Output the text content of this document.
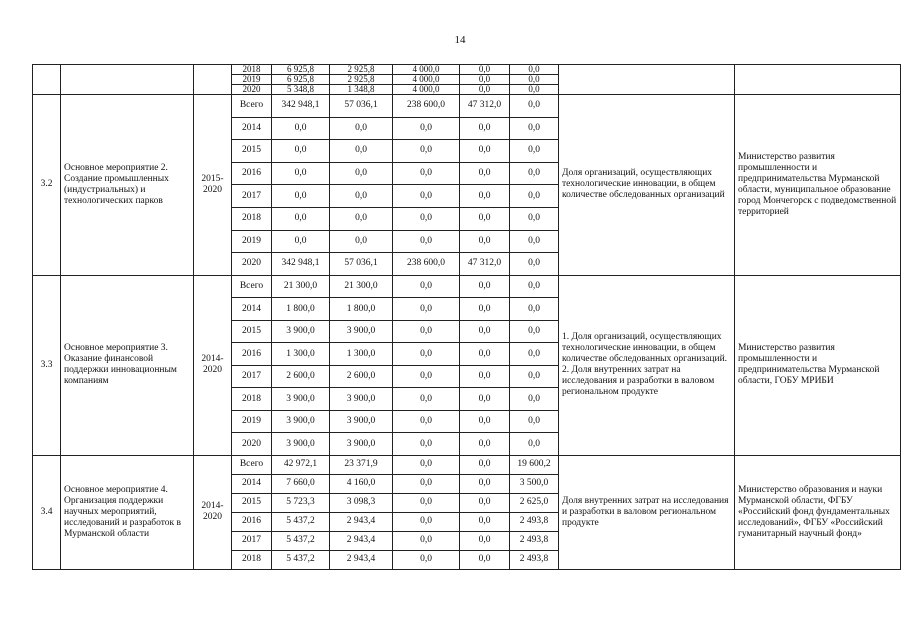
14
			2018	6 925,8	2 925,8	4 000,0	0,0	0,0		
			2019	6 925,8	2 925,8	4 000,0	0,0	0,0		
			2020	5 348,8	1 348,8	4 000,0	0,0	0,0		
3.2	Основное мероприятие 2. Создание промышленных (индустриальных) и технологических парков	2015-2020	Всего	342 948,1	57 036,1	238 600,0	47 312,0	0,0	Доля организаций, осуществляющих технологические инновации, в общем количестве обследованных организаций	Министерство развития промышленности и предпринимательства Мурманской области, муниципальное образование город Мончегорск с подведомственной территорией
			2014	0,0	0,0	0,0	0,0	0,0		
			2015	0,0	0,0	0,0	0,0	0,0		
			2016	0,0	0,0	0,0	0,0	0,0		
			2017	0,0	0,0	0,0	0,0	0,0		
			2018	0,0	0,0	0,0	0,0	0,0		
			2019	0,0	0,0	0,0	0,0	0,0		
			2020	342 948,1	57 036,1	238 600,0	47 312,0	0,0		
3.3	Основное мероприятие 3. Оказание финансовой поддержки инновационным компаниям	2014-2020	Всего	21 300,0	21 300,0	0,0	0,0	0,0	1. Доля организаций, осуществляющих технологические инновации, в общем количестве обследованных организаций. 2. Доля внутренних затрат на исследования и разработки в валовом региональном продукте	Министерство развития промышленности и предпринимательства Мурманской области, ГОБУ МРИБИ
			2014	1 800,0	1 800,0	0,0	0,0	0,0		
			2015	3 900,0	3 900,0	0,0	0,0	0,0		
			2016	1 300,0	1 300,0	0,0	0,0	0,0		
			2017	2 600,0	2 600,0	0,0	0,0	0,0		
			2018	3 900,0	3 900,0	0,0	0,0	0,0		
			2019	3 900,0	3 900,0	0,0	0,0	0,0		
			2020	3 900,0	3 900,0	0,0	0,0	0,0		
3.4	Основное мероприятие 4. Организация поддержки научных мероприятий, исследований и разработок в Мурманской области	2014-2020	Всего	42 972,1	23 371,9	0,0	0,0	19 600,2	Доля внутренних затрат на исследования и разработки в валовом региональном продукте	Министерство образования и науки Мурманской области, ФГБУ «Российский фонд фундаментальных исследований», ФГБУ «Российский гуманитарный научный фонд»
			2014	7 660,0	4 160,0	0,0	0,0	3 500,0		
			2015	5 723,3	3 098,3	0,0	0,0	2 625,0		
			2016	5 437,2	2 943,4	0,0	0,0	2 493,8		
			2017	5 437,2	2 943,4	0,0	0,0	2 493,8		
			2018	5 437,2	2 943,4	0,0	0,0	2 493,8		
